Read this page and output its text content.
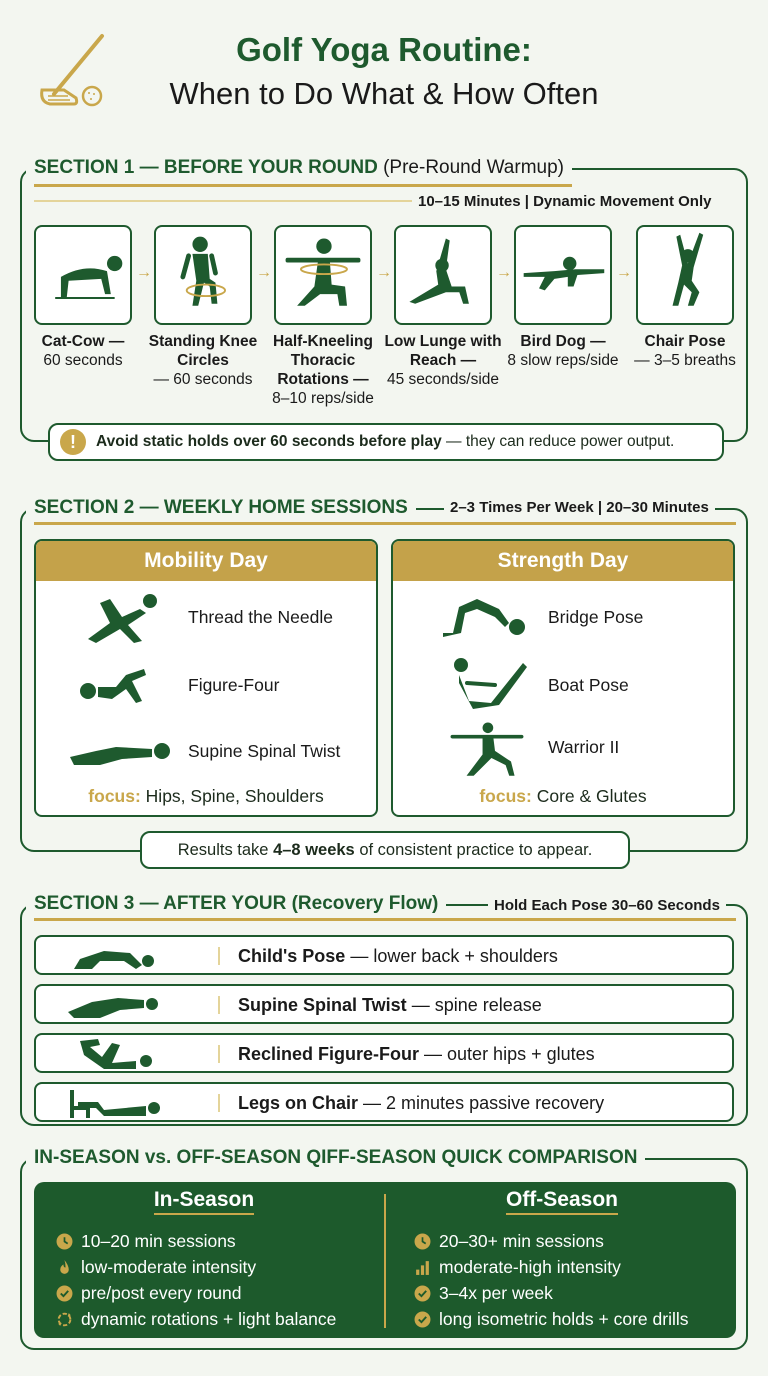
Golf Yoga Routine:
When to Do What & How Often
SECTION 1 — BEFORE YOUR ROUND (Pre-Round Warmup)
10–15 Minutes | Dynamic Movement Only
→	→	→	→	→
Cat-Cow —
60 seconds
Standing Knee Circles
— 60 seconds
Half-Kneeling Thoracic Rotations —
8–10 reps/side
Low Lunge with Reach —
45 seconds/side
Bird Dog —
8 slow reps/side
Chair Pose
— 3–5 breaths
!	Avoid static holds over 60 seconds before play — they can reduce power output.
SECTION 2 — WEEKLY HOME SESSIONS	2–3 Times Per Week | 20–30 Minutes
Mobility Day
Thread the Needle
Figure-Four
Supine Spinal Twist
focus: Hips, Spine, Shoulders
Strength Day
Bridge Pose
Boat Pose
Warrior II
focus: Core & Glutes
Results take 4–8 weeks of consistent practice to appear.
SECTION 3 — AFTER YOUR (Recovery Flow)	Hold Each Pose 30–60 Seconds
Child's Pose — lower back + shoulders
Supine Spinal Twist — spine release
Reclined Figure-Four — outer hips + glutes
Legs on Chair — 2 minutes passive recovery
IN-SEASON vs. OFF-SEASON QIFF-SEASON QUICK COMPARISON
In-Season
10–20 min sessions
low-moderate intensity
pre/post every round
dynamic rotations + light balance
Off-Season
20–30+ min sessions
moderate-high intensity
3–4x per week
long isometric holds + core drills
